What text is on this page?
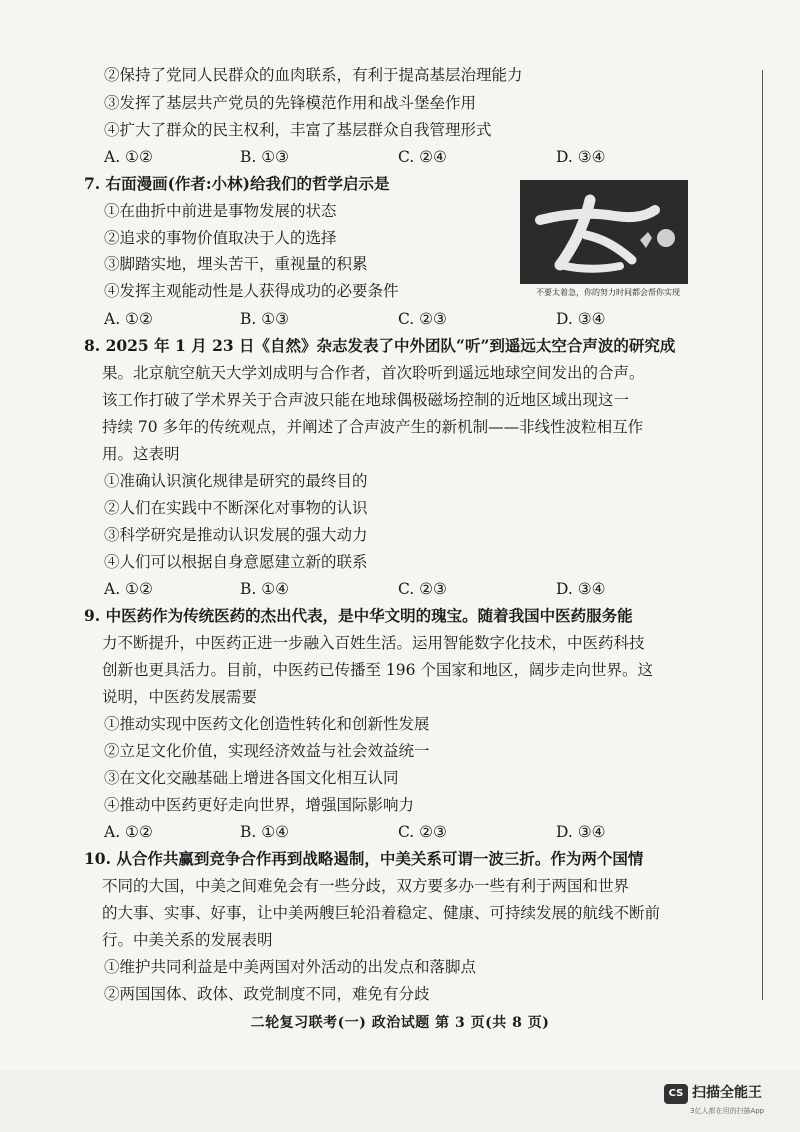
②保持了党同人民群众的血肉联系，有利于提高基层治理能力
③发挥了基层共产党员的先锋模范作用和战斗堡垒作用
④扩大了群众的民主权利，丰富了基层群众自我管理形式
A. ①②	B. ①③	C. ②④	D. ③④
7. 右面漫画(作者:小林)给我们的哲学启示是
①在曲折中前进是事物发展的状态
②追求的事物价值取决于人的选择
③脚踏实地，埋头苦干，重视量的积累
④发挥主观能动性是人获得成功的必要条件
A. ①②	B. ①③	C. ②③	D. ③④
不要太着急，你的努力时间都会帮你实现
8. 2025 年 1 月 23 日《自然》杂志发表了中外团队“听”到遥远太空合声波的研究成
果。北京航空航天大学刘成明与合作者，首次聆听到遥远地球空间发出的合声。
该工作打破了学术界关于合声波只能在地球偶极磁场控制的近地区域出现这一
持续 70 多年的传统观点，并阐述了合声波产生的新机制——非线性波粒相互作
用。这表明
①准确认识演化规律是研究的最终目的
②人们在实践中不断深化对事物的认识
③科学研究是推动认识发展的强大动力
④人们可以根据自身意愿建立新的联系
A. ①②	B. ①④	C. ②③	D. ③④
9. 中医药作为传统医药的杰出代表，是中华文明的瑰宝。随着我国中医药服务能
力不断提升，中医药正进一步融入百姓生活。运用智能数字化技术，中医药科技
创新也更具活力。目前，中医药已传播至 196 个国家和地区，阔步走向世界。这
说明，中医药发展需要
①推动实现中医药文化创造性转化和创新性发展
②立足文化价值，实现经济效益与社会效益统一
③在文化交融基础上增进各国文化相互认同
④推动中医药更好走向世界，增强国际影响力
A. ①②	B. ①④	C. ②③	D. ③④
10. 从合作共赢到竞争合作再到战略遏制，中美关系可谓一波三折。作为两个国情
不同的大国，中美之间难免会有一些分歧，双方要多办一些有利于两国和世界
的大事、实事、好事，让中美两艘巨轮沿着稳定、健康、可持续发展的航线不断前
行。中美关系的发展表明
①维护共同利益是中美两国对外活动的出发点和落脚点
②两国国体、政体、政党制度不同，难免有分歧
二轮复习联考(一) 政治试题 第 3 页(共 8 页)
CS 扫描全能王
3亿人都在用的扫描App
